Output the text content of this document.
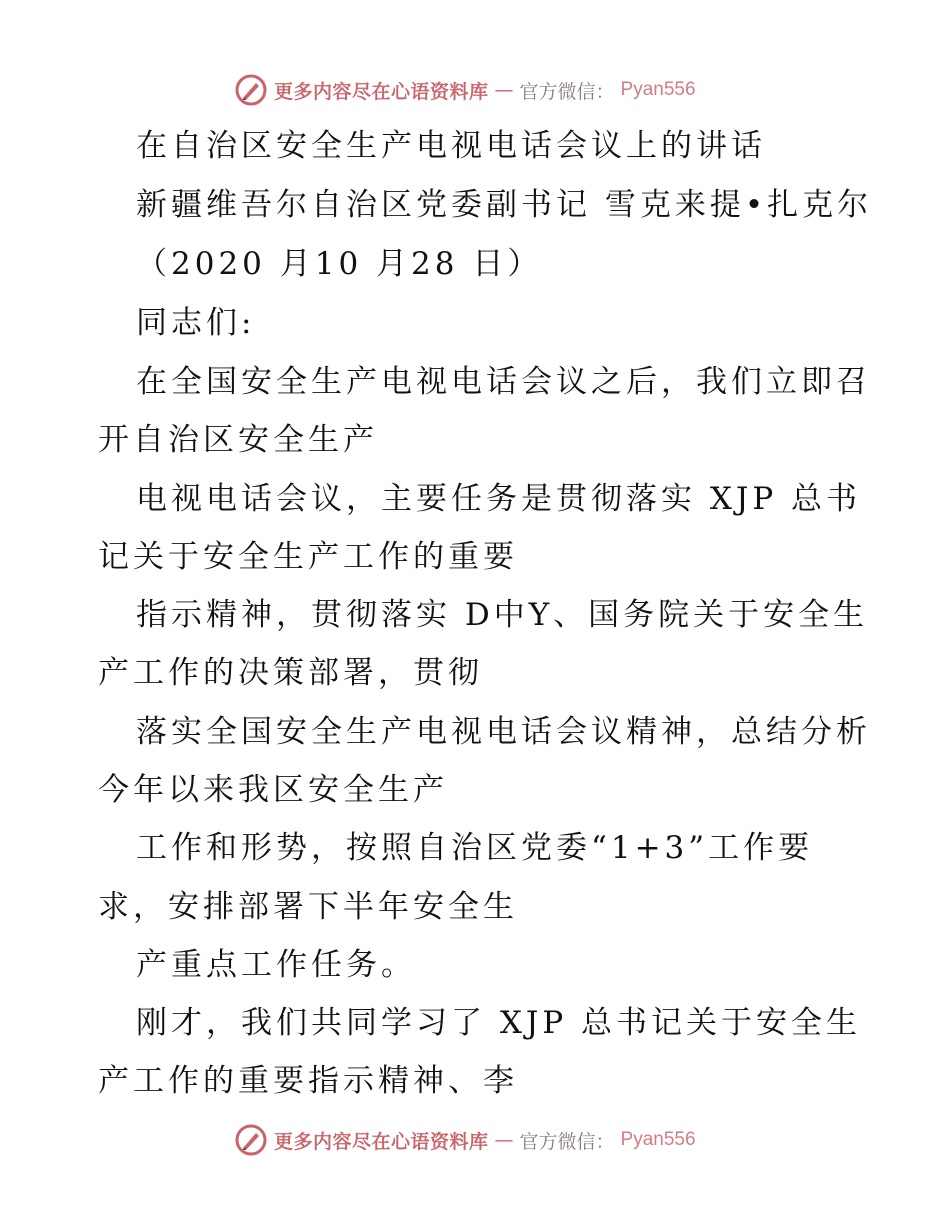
更多内容尽在心语资料库 — 官方微信： Pyan556
在自治区安全生产电视电话会议上的讲话
新疆维吾尔自治区党委副书记 雪克来提•扎克尔
（2020 月10 月28 日）
同志们:
在全国安全生产电视电话会议之后，我们立即召
开自治区安全生产
电视电话会议，主要任务是贯彻落实 XJP 总书
记关于安全生产工作的重要
指示精神，贯彻落实 D中Y、国务院关于安全生
产工作的决策部署，贯彻
落实全国安全生产电视电话会议精神，总结分析
今年以来我区安全生产
工作和形势，按照自治区党委“1+3”工作要
求，安排部署下半年安全生
产重点工作任务。
刚才，我们共同学习了 XJP 总书记关于安全生
产工作的重要指示精神、李
更多内容尽在心语资料库 — 官方微信： Pyan556
